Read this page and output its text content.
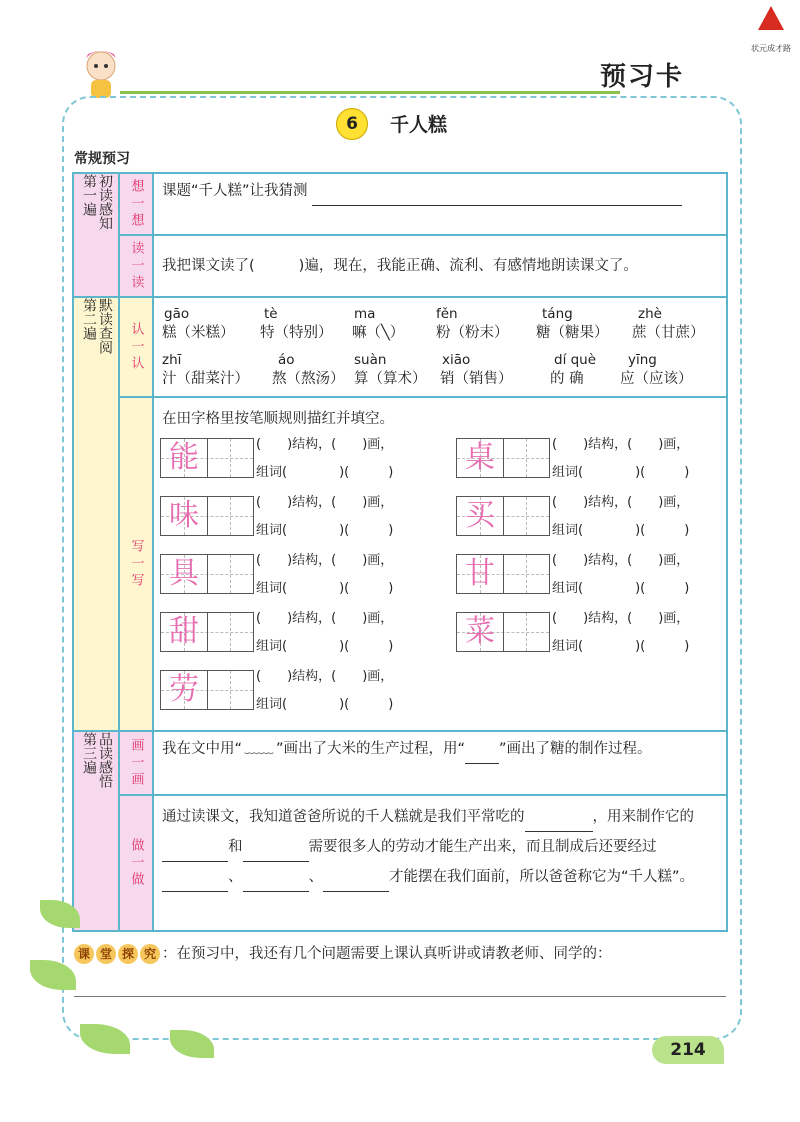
状元成才路
预习卡
6	千人糕
常规预习
第一遍 初读感知	想一想	课题“千人糕”让我猜测
读一读	我把课文读了(	)遍，现在，我能正确、流利、有感情地朗读课文了。
第二遍 默读查阅	认一认
gāo	tè	ma	fěn	táng	zhè
糕（米糕） 特（特别） 嘛（╲） 粉（粉末） 糖（糖果） 蔗（甘蔗）
zhī	áo	suàn	xiāo	dí què yīng
汁（甜菜汁） 熬（熬汤） 算（算术） 销（销售）	的 确	应（应该）
写一写
在田字格里按笔顺规则描红并填空。
能	(　　)结构，(　　)画，
组词(　　　　)(　　　)
味	(　　)结构，(　　)画，
组词(　　　　)(　　　)
具	(　　)结构，(　　)画，
组词(　　　　)(　　　)
甜	(　　)结构，(　　)画，
组词(　　　　)(　　　)
劳	(　　)结构，(　　)画，
组词(　　　　)(　　　)
桌	(　　)结构，(　　)画，
组词(　　　　)(　　　)
买	(　　)结构，(　　)画，
组词(　　　　)(　　　)
甘	(　　)结构，(　　)画，
组词(　　　　)(　　　)
菜	(　　)结构，(　　)画，
组词(　　　　)(　　　)
第三遍 品读感悟	画一画	我在文中用“ ﹏﹏ ”画出了大米的生产过程，用“ ”画出了糖的制作过程。
做一做
通过读课文，我知道爸爸所说的千人糕就是我们平常吃的	，用来制作它的和	需要很多人的劳动才能生产出来，而且制成后还要经过、	、	才能摆在我们面前，所以爸爸称它为“千人糕”。
课 堂 探 究 ：在预习中，我还有几个问题需要上课认真听讲或请教老师、同学的：
214
